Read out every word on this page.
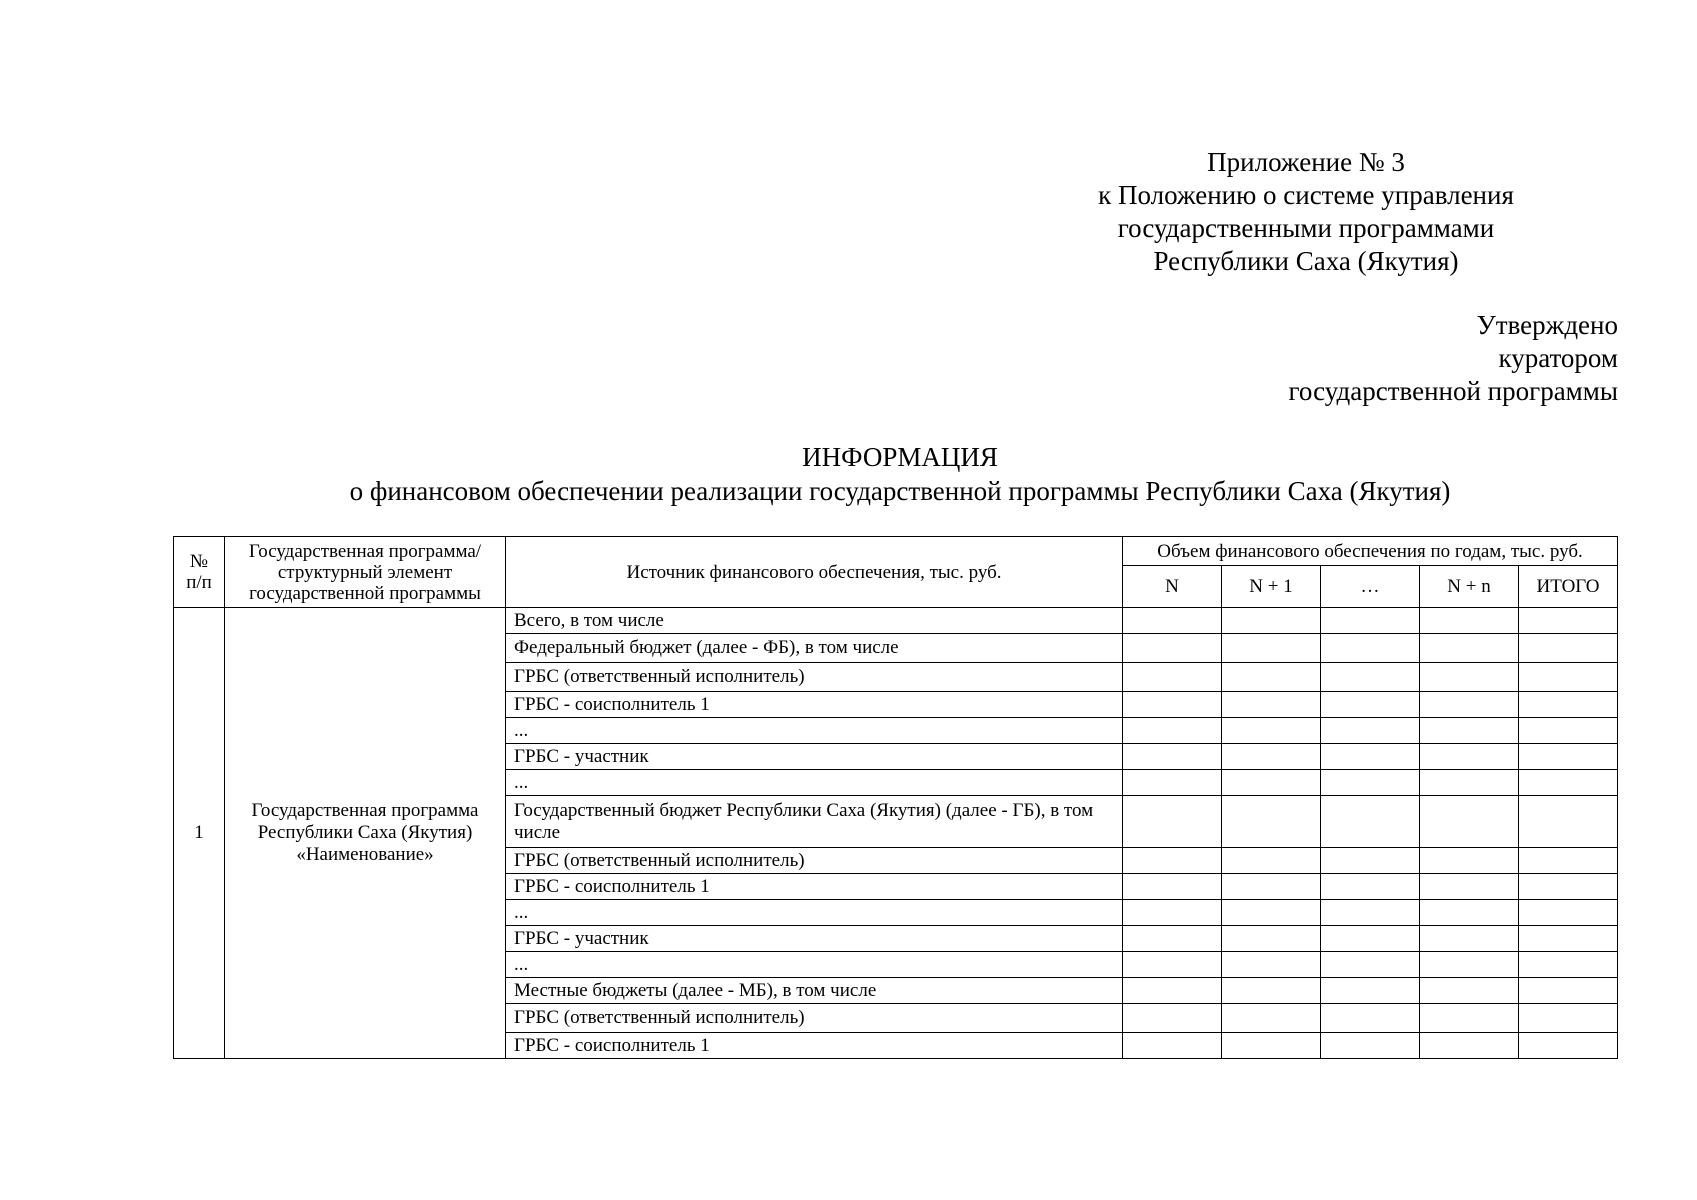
Приложение № 3
к Положению о системе управления
государственными программами
Республики Саха (Якутия)
Утверждено
куратором
государственной программы
ИНФОРМАЦИЯ
о финансовом обеспечении реализации государственной программы Республики Саха (Якутия)
№ п/п	Государственная программа/ структурный элемент государственной программы	Источник финансового обеспечения, тыс. руб.	Объем финансового обеспечения по годам, тыс. руб.				
			N	N + 1	…	N + n	ИТОГО
1	Государственная программа Республики Саха (Якутия) «Наименование»	Всего, в том числе					
		Федеральный бюджет (далее - ФБ), в том числе					
		ГРБС (ответственный исполнитель)					
		ГРБС - соисполнитель 1					
		...					
		ГРБС - участник					
		...					
		Государственный бюджет Республики Саха (Якутия) (далее - ГБ), в том числе					
		ГРБС (ответственный исполнитель)					
		ГРБС - соисполнитель 1					
		...					
		ГРБС - участник					
		...					
		Местные бюджеты (далее - МБ), в том числе					
		ГРБС (ответственный исполнитель)					
		ГРБС - соисполнитель 1					
